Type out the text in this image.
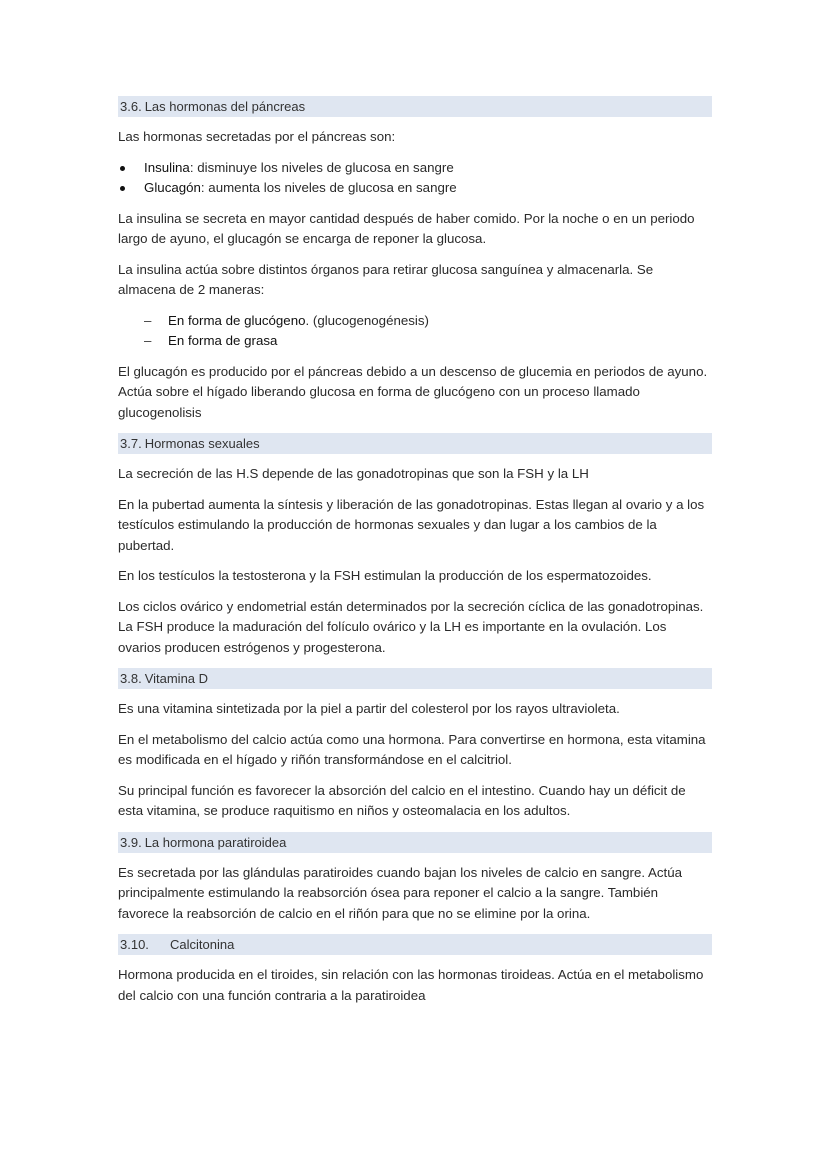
3.6. Las hormonas del páncreas

Las hormonas secretadas por el páncreas son:

Insulina: disminuye los niveles de glucosa en sangre
Glucagón: aumenta los niveles de glucosa en sangre

La insulina se secreta en mayor cantidad después de haber comido. Por la noche o en un periodo largo de ayuno, el glucagón se encarga de reponer la glucosa.

La insulina actúa sobre distintos órganos para retirar glucosa sanguínea y almacenarla. Se almacena de 2 maneras:

– En forma de glucógeno. (glucogenogénesis)
– En forma de grasa

El glucagón es producido por el páncreas debido a un descenso de glucemia en periodos de ayuno. Actúa sobre el hígado liberando glucosa en forma de glucógeno con un proceso llamado glucogenolisis

3.7. Hormonas sexuales

La secreción de las H.S depende de las gonadotropinas que son la FSH y la LH

En la pubertad aumenta la síntesis y liberación de las gonadotropinas. Estas llegan al ovario y a los testículos estimulando la producción de hormonas sexuales y dan lugar a los cambios de la pubertad.

En los testículos la testosterona y la FSH estimulan la producción de los espermatozoides.

Los ciclos ovárico y endometrial están determinados por la secreción cíclica de las gonadotropinas. La FSH produce la maduración del folículo ovárico y la LH es importante en la ovulación. Los ovarios producen estrógenos y progesterona.

3.8. Vitamina D

Es una vitamina sintetizada por la piel a partir del colesterol por los rayos ultravioleta.

En el metabolismo del calcio actúa como una hormona. Para convertirse en hormona, esta vitamina es modificada en el hígado y riñón transformándose en el calcitriol.

Su principal función es favorecer la absorción del calcio en el intestino. Cuando hay un déficit de esta vitamina, se produce raquitismo en niños y osteomalacia en los adultos.

3.9. La hormona paratiroidea

Es secretada por las glándulas paratiroides cuando bajan los niveles de calcio en sangre. Actúa principalmente estimulando la reabsorción ósea para reponer el calcio a la sangre. También favorece la reabsorción de calcio en el riñón para que no se elimine por la orina.

3.10. Calcitonina

Hormona producida en el tiroides, sin relación con las hormonas tiroideas. Actúa en el metabolismo del calcio con una función contraria a la paratiroidea
